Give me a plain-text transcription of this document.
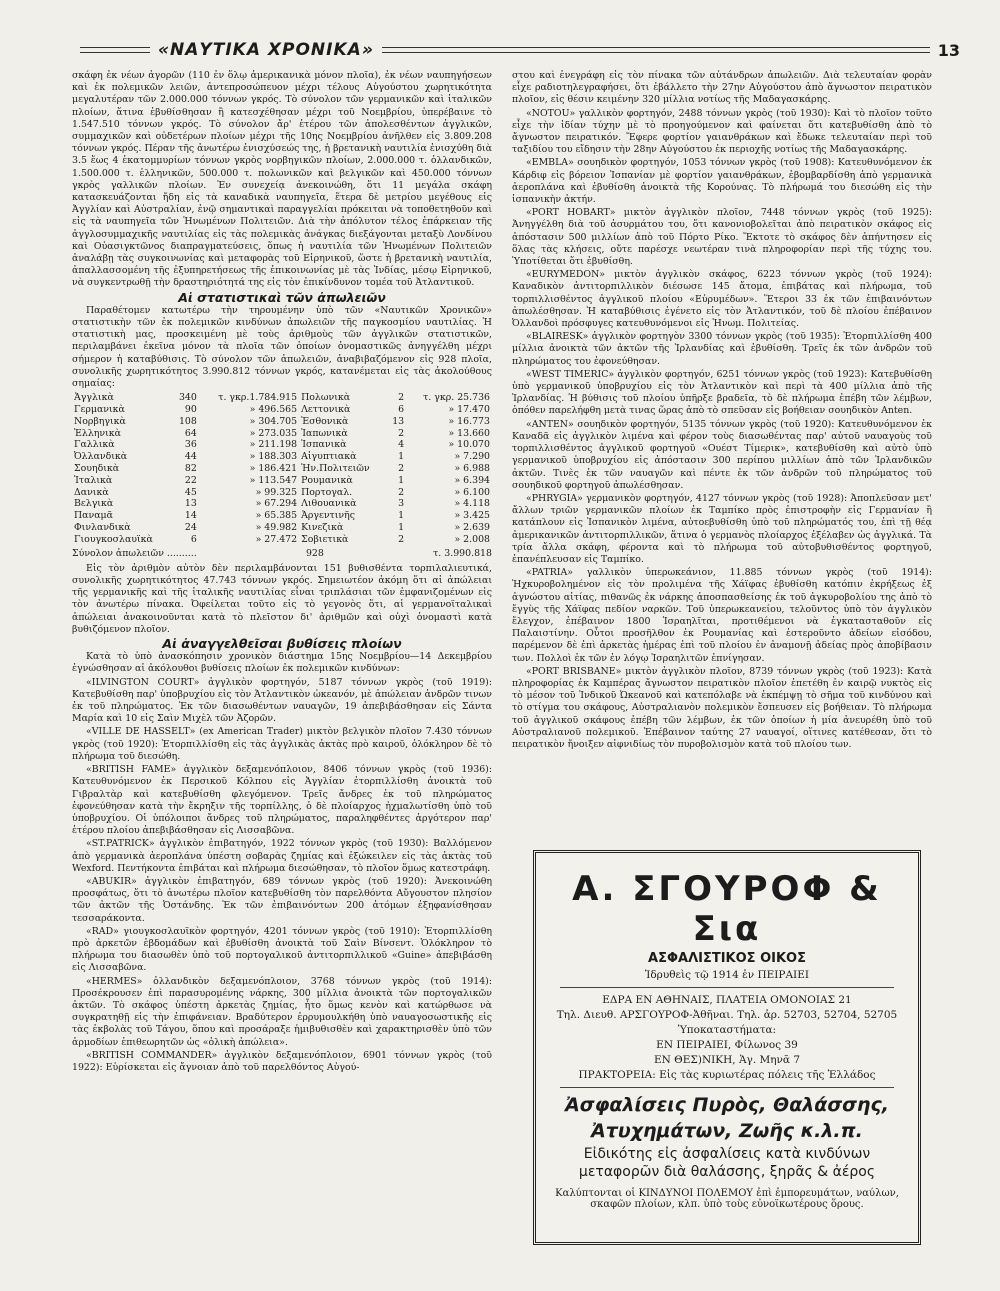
«ΝΑΥΤΙΚΑ ΧΡΟΝΙΚΑ»	13

σκάφη ἐκ νέων ἀγορῶν (110 ἐν ὅλῳ ἀμερικανικὰ μόνον πλοῖα), ἐκ νέων ναυπηγήσεων καὶ ἐκ πολεμικῶν λειῶν, ἀντεπροσώπευον μέχρι τέλους Αὐγούστου χωρητικότητα μεγαλυτέραν τῶν 2.000.000 τόννων γκρός. Τὸ σύνολον τῶν γερμανικῶν καὶ ἰταλικῶν πλοίων, ἅτινα ἐβυθίσθησαν ἢ κατεσχέθησαν μέχρι τοῦ Νοεμβρίου, ὑπερέβαινε τὸ 1.547.510 τόννων γκρός. Τὸ σύνολον ἄρ' ἑτέρου τῶν ἀπολεσθέντων ἀγγλικῶν, συμμαχικῶν καὶ οὐδετέρων πλοίων μέχρι τῆς 10ης Νοεμβρίου ἀνῆλθεν εἰς 3.809.208 τόννων γκρός. Πέραν τῆς ἀνωτέρω ἐνισχύσεώς της, ἡ βρετανικὴ ναυτιλία ἐνισχύθη διὰ 3.5 ἕως 4 ἑκατομμυρίων τόννων γκρὸς νορβηγικῶν πλοίων, 2.000.000 τ. ὀλλανδικῶν, 1.500.000 τ. ἑλληνικῶν, 500.000 τ. πολωνικῶν καὶ βελγικῶν καὶ 450.000 τόννων γκρὸς γαλλικῶν πλοίων. Ἐν συνεχείᾳ ἀνεκοινώθη, ὅτι 11 μεγάλα σκάφη κατασκευάζονται ἤδη εἰς τὰ καναδικὰ ναυπηγεῖα, ἕτερα δὲ μετρίου μεγέθους εἰς Ἀγγλίαν καὶ Αὐστραλίαν, ἐνῷ σημαντικαὶ παραγγελίαι πρόκειται νὰ τοποθετηθοῦν καὶ εἰς τὰ ναυπηγεῖα τῶν Ἡνωμένων Πολιτειῶν. Διὰ τὴν ἀπόλυτον τέλος ἐπάρκειαν τῆς ἀγγλοσυμμαχικῆς ναυτιλίας εἰς τὰς πολεμικὰς ἀνάγκας διεξάγονται μεταξὺ Λονδίνου καὶ Οὐασιγκτῶνος διαπραγματεύσεις, ὅπως ἡ ναυτιλία τῶν Ἡνωμένων Πολιτειῶν ἀναλάβῃ τὰς συγκοινωνίας καὶ μεταφορὰς τοῦ Εἰρηνικοῦ, ὥστε ἡ βρετανικὴ ναυτιλία, ἀπαλλασσομένη τῆς ἐξυπηρετήσεως τῆς ἐπικοινωνίας μὲ τὰς Ἰνδίας, μέσῳ Εἰρηνικοῦ, νὰ συγκεντρωθῇ τὴν δραστηριότητά της εἰς τὸν ἐπικίνδυνον τομέα τοῦ Ἀτλαντικοῦ.

Αἱ στατιστικαὶ τῶν ἀπωλειῶν

Παραθέτομεν κατωτέρω τὴν τηρουμένην ὑπὸ τῶν «Ναυτικῶν Χρονικῶν» στατιστικὴν τῶν ἐκ πολεμικῶν κινδύνων ἀπωλειῶν τῆς παγκοσμίου ναυτιλίας. Ἡ στατιστικὴ μας, προσκειμένη μὲ τοὺς ἀριθμοὺς τῶν ἀγγλικῶν στατιστικῶν, περιλαμβάνει ἐκεῖνα μόνον τὰ πλοῖα τῶν ὁποίων ὀνομαστικῶς ἀνηγγέλθη μέχρι σήμερον ἡ καταβύθισις. Τὸ σύνολον τῶν ἀπωλειῶν, ἀναβιβαζόμενον εἰς 928 πλοῖα, συνολικῆς χωρητικότητος 3.990.812 τόννων γκρός, κατανέμεται εἰς τὰς ἀκολούθους σημαίας:

Ἀγγλικὰ	340	τ. γκρ.1.784.915	Πολωνικὰ	2	τ. γκρ. 25.736
Γερμανικὰ	90	» 496.565	Λεττονικὰ	6	» 17.470
Νορβηγικὰ	108	» 304.705	Ἐσθονικὰ	13	» 16.773
Ἑλληνικὰ	64	» 273.035	Ἰαπωνικὰ	2	» 13.660
Γαλλικὰ	36	» 211.198	Ἰσπανικὰ	4	» 10.070
Ὀλλανδικὰ	44	» 188.303	Αἰγυπτιακὰ	1	» 7.290
Σουηδικὰ	82	» 186.421	Ἡν.Πολιτειῶν	2	» 6.988
Ἰταλικὰ	22	» 113.547	Ρουμανικὰ	1	» 6.394
Δανικὰ	45	» 99.325	Πορτογαλ.	2	» 6.100
Βελγικὰ	13	» 67.294	Λιθουανικὰ	3	» 4.118
Παναμᾶ	14	» 65.385	Ἀργεντινῆς	1	» 3.425
Φινλανδικὰ	24	» 49.982	Κινεζικὰ	1	» 2.639
Γιουγκοσλαυϊκὰ	6	» 27.472	Σοβιετικὰ	2	» 2.008
Σύνολον ἀπωλειῶν ..........	928	τ. 3.990.818

Εἰς τὸν ἀριθμὸν αὐτὸν δὲν περιλαμβάνονται 151 βυθισθέντα τορπιλαλιευτικά, συνολικῆς χωρητικότητος 47.743 τόννων γκρός. Σημειωτέον ἀκόμη ὅτι αἱ ἀπώλειαι τῆς γερμανικῆς καὶ τῆς ἰταλικῆς ναυτιλίας εἶναι τριπλάσιαι τῶν ἐμφανιζομένων εἰς τὸν ἀνωτέρω πίνακα. Ὀφείλεται τοῦτο εἰς τὸ γεγονὸς ὅτι, αἱ γερμανοϊταλικαὶ ἀπώλειαι ἀνακοινοῦνται κατὰ τὸ πλεῖστον δι' ἀριθμῶν καὶ οὐχὶ ὀνομαστὶ κατὰ βυθιζόμενον πλοῖον.

Αἱ ἀναγγελθεῖσαι βυθίσεις πλοίων

Κατὰ τὸ ὑπὸ ἀνασκόπησιν χρονικὸν διάστημα 15ης Νοεμβρίου—14 Δεκεμβρίου ἐγνώσθησαν αἱ ἀκόλουθοι βυθίσεις πλοίων ἐκ πολεμικῶν κινδύνων:

«ILVINGTON COURT» ἀγγλικὸν φορτηγόν, 5187 τόννων γκρὸς (τοῦ 1919): Κατεβυθίσθη παρ' ὑποβρυχίου εἰς τὸν Ἀτλαντικὸν ὠκεανόν, μὲ ἀπώλειαν ἀνδρῶν τινων ἐκ τοῦ πληρώματος. Ἐκ τῶν διασωθέντων ναυαγῶν, 19 ἀπεβιβάσθησαν εἰς Σάντα Μαρία καὶ 10 εἰς Σαὶν Μιχὲλ τῶν Ἀζορῶν.

«VILLE DE HASSELT» (ex American Trader) μικτὸν βελγικὸν πλοῖον 7.430 τόννων γκρὸς (τοῦ 1920): Ἐτορπιλλίσθη εἰς τὰς ἀγγλικὰς ἀκτὰς πρὸ καιροῦ, ὀλόκληρον δὲ τὸ πλήρωμα τοῦ διεσώθη.

«BRITISH FAME» ἀγγλικὸν δεξαμενόπλοιον, 8406 τόννων γκρὸς (τοῦ 1936): Κατευθυνόμενον ἐκ Περσικοῦ Κόλπου εἰς Ἀγγλίαν ἐτορπιλλίσθη ἀνοικτὰ τοῦ Γιβραλτὰρ καὶ κατεβυθίσθη φλεγόμενον. Τρεῖς ἄνδρες ἐκ τοῦ πληρώματος ἐφονεύθησαν κατὰ τὴν ἔκρηξιν τῆς τορπίλλης, ὁ δὲ πλοίαρχος ἠχμαλωτίσθη ὑπὸ τοῦ ὑποβρυχίου. Οἱ ὑπόλοιποι ἄνδρες τοῦ πληρώματος, παραληφθέντες ἀργότερον παρ' ἑτέρου πλοίου ἀπεβιβάσθησαν εἰς Λισσαβῶνα.

«ST.PATRICK» ἀγγλικὸν ἐπιβατηγόν, 1922 τόννων γκρὸς (τοῦ 1930): Βαλλόμενον ἀπὸ γερμανικὰ ἀεροπλάνα ὑπέστη σοβαρὰς ζημίας καὶ ἐξώκειλεν εἰς τὰς ἀκτὰς τοῦ Wexford. Πεντήκοντα ἐπιβάται καὶ πλήρωμα διεσώθησαν, τὸ πλοῖον ὅμως κατεστράφη.

«ABUKIR» ἀγγλικὸν ἐπιβατηγόν, 689 τόννων γκρὸς (τοῦ 1920): Ἀνεκοινώθη προσφάτως, ὅτι τὸ ἀνωτέρω πλοῖον κατεβυθίσθη τὸν παρελθόντα Αὔγουστον πλησίον τῶν ἀκτῶν τῆς Ὀστάνδης. Ἐκ τῶν ἐπιβαινόντων 200 ἀτόμων ἐξηφανίσθησαν τεσσαράκοντα.

«RAD» γιουγκοσλαυϊκὸν φορτηγόν, 4201 τόννων γκρὸς (τοῦ 1910): Ἐτορπιλλίσθη πρὸ ἀρκετῶν ἑβδομάδων καὶ ἐβυθίσθη ἀνοικτὰ τοῦ Σαὶν Βίνσεντ. Ὁλόκληρον τὸ πλήρωμα του διασωθὲν ὑπὸ τοῦ πορτογαλικοῦ ἀντιτορπιλλικοῦ «Guine» ἀπεβιβάσθη εἰς Λισσαβῶνα.

«HERMES» ὀλλανδικὸν δεξαμενόπλοιον, 3768 τόννων γκρὸς (τοῦ 1914): Προσέκρουσεν ἐπὶ παρασυρομένης νάρκης, 300 μίλλια ἀνοικτὰ τῶν πορτογαλικῶν ἀκτῶν. Τὸ σκάφος ὑπέστη ἀρκετὰς ζημίας, ἦτο ὅμως κενὸν καὶ κατώρθωσε νὰ συγκρατηθῇ εἰς τὴν ἐπιφάνειαν. Βραδύτερον ἐρρυμουλκήθη ὑπὸ ναυαγοσωστικῆς εἰς τὰς ἐκβολὰς τοῦ Τάγου, ὅπου καὶ προσάραξε ἡμιβυθισθὲν καὶ χαρακτηρισθὲν ὑπὸ τῶν ἁρμοδίων ἐπιθεωρητῶν ὡς «ὁλικὴ ἀπώλεια».

«BRITISH COMMANDER» ἀγγλικὸν δεξαμενόπλοιον, 6901 τόννων γκρὸς (τοῦ 1922): Εὑρίσκεται εἰς ἄγνοιαν ἀπὸ τοῦ παρελθόντος Αὐγού-

στου καὶ ἐνεγράφη εἰς τὸν πίνακα τῶν αὐτάνδρων ἀπωλειῶν. Διὰ τελευταίαν φορὰν εἶχε ραδιοτηλεγραφήσει, ὅτι ἐβάλλετο τὴν 27ην Αὐγούστου ἀπὸ ἄγνωστον πειρατικὸν πλοῖον, εἰς θέσιν κειμένην 320 μίλλια νοτίως τῆς Μαδαγασκάρης.

«NOTOU» γαλλικὸν φορτηγόν, 2488 τόννων γκρὸς (τοῦ 1930): Καὶ τὸ πλοῖον τοῦτο εἶχε τὴν ἰδίαν τύχην μὲ τὸ προηγούμενον καὶ φαίνεται ὅτι κατεβυθίσθη ἀπὸ τὸ ἄγνωστον πειρατικόν. Ἔφερε φορτίον γαιανθράκων καὶ ἔδωκε τελευταίαν περὶ τοῦ ταξιδίου του εἴδησιν τὴν 28ην Αὐγούστου ἐκ περιοχῆς νοτίως τῆς Μαδαγασκάρης.

«EMBLA» σουηδικὸν φορτηγόν, 1053 τόννων γκρὸς (τοῦ 1908): Κατευθυνόμενον ἐκ Κάρδιφ εἰς βόρειον Ἰσπανίαν μὲ φορτίον γαιανθράκων, ἑβομβαρδίσθη ἀπὸ γερμανικὰ ἀεροπλάνα καὶ ἐβυθίσθη ἀνοικτὰ τῆς Κορούνας. Τὸ πλήρωμά του διεσώθη εἰς τὴν ἰσπανικὴν ἀκτήν.

«PORT HOBART» μικτὸν ἀγγλικὸν πλοῖον, 7448 τόννων γκρὸς (τοῦ 1925): Ἀνηγγέλθη διὰ τοῦ ἀσυρμάτου του, ὅτι κανονιοβολεῖται ἀπὸ πειρατικὸν σκάφος εἰς ἀπόστασιν 500 μιλλίων ἀπὸ τοῦ Πόρτο Ρίκο. Ἔκτοτε τὸ σκάφος δὲν ἀπήντησεν εἰς ὅλας τὰς κλήσεις, οὔτε παρέσχε νεωτέραν τινὰ πληροφορίαν περὶ τῆς τύχης του. Ὑποτίθεται ὅτι ἐβυθίσθη.

«EURYMEDON» μικτὸν ἀγγλικὸν σκάφος, 6223 τόννων γκρὸς (τοῦ 1924): Καναδικὸν ἀντιτορπιλλικὸν διέσωσε 145 ἄτομα, ἐπιβάτας καὶ πλήρωμα, τοῦ τορπιλλισθέντος ἀγγλικοῦ πλοίου «Εὐρυμέδων». Ἕτεροι 33 ἐκ τῶν ἐπιβαινόντων ἀπωλέσθησαν. Ἡ καταβύθισις ἐγένετο εἰς τὸν Ἀτλαντικόν, τοῦ δὲ πλοίου ἐπέβαινον Ὀλλανδοὶ πρόσφυγες κατευθυνόμενοι εἰς Ἡνωμ. Πολιτείας.

«BLAIRESK» ἀγγλικὸν φορτηγὸν 3300 τόννων γκρὸς (τοῦ 1935): Ἐτορπιλλίσθη 400 μίλλια ἀνοικτὰ τῶν ἀκτῶν τῆς Ἰρλανδίας καὶ ἐβυθίσθη. Τρεῖς ἐκ τῶν ἀνδρῶν τοῦ πληρώματος του ἐφονεύθησαν.

«WEST TIMERIC» ἀγγλικὸν φορτηγόν, 6251 τόννων γκρὸς (τοῦ 1923): Κατεβυθίσθη ὑπὸ γερμανικοῦ ὑποβρυχίου εἰς τὸν Ἀτλαντικὸν καὶ περὶ τὰ 400 μίλλια ἀπὸ τῆς Ἰρλανδίας. Ἡ βύθισις τοῦ πλοίου ὑπῆρξε βραδεῖα, τὸ δὲ πλήρωμα ἐπέβη τῶν λέμβων, ὁπόθεν παρελήφθη μετὰ τινας ὥρας ἀπὸ τὸ σπεῦσαν εἰς βοήθειαν σουηδικὸν Anten.

«ANTEN» σουηδικὸν φορτηγόν, 5135 τόννων γκρὸς (τοῦ 1920): Κατευθυνόμενον ἐκ Καναδᾶ εἰς ἀγγλικὸν λιμένα καὶ φέρον τοὺς διασωθέντας παρ' αὐτοῦ ναυαγοὺς τοῦ τορπιλλισθέντος ἀγγλικοῦ φορτηγοῦ «Ουέστ Τίμερικ», κατεβυθίσθη καὶ αὐτὸ ὑπὸ γερμανικοῦ ὑποβρυχίου εἰς ἀπόστασιν 300 περίπου μιλλίων ἀπὸ τῶν Ἰρλανδικῶν ἀκτῶν. Τινὲς ἐκ τῶν ναυαγῶν καὶ πέντε ἐκ τῶν ἀνδρῶν τοῦ πληρώματος τοῦ σουηδικοῦ φορτηγοῦ ἀπωλέσθησαν.

«PHRYGIA» γερμανικὸν φορτηγόν, 4127 τόννων γκρὸς (τοῦ 1928): Ἀποπλεῦσαν μετ' ἄλλων τριῶν γερμανικῶν πλοίων ἐκ Ταμπίκο πρὸς ἐπιστροφὴν εἰς Γερμανίαν ἢ κατάπλουν εἰς Ἰσπανικὸν λιμένα, αὐτοεβυθίσθη ὑπὸ τοῦ πληρώματός του, ἐπὶ τῇ θέᾳ ἀμερικανικῶν ἀντιτορπιλλικῶν, ἅτινα ὁ γερμανὸς πλοίαρχος ἐξέλαβεν ὡς ἀγγλικά. Τὰ τρία ἄλλα σκάφη, φέροντα καὶ τὸ πλήρωμα τοῦ αὐτοβυθισθέντος φορτηγοῦ, ἐπανέπλευσαν εἰς Ταμπίκο.

«PATRIA» γαλλικὸν ὑπερωκεάνιον, 11.885 τόννων γκρὸς (τοῦ 1914): Ἠχκυροβολημένον εἰς τὸν προλιμένα τῆς Χάϊφας ἐβυθίσθη κατόπιν ἐκρήξεως ἐξ ἀγνώστου αἰτίας, πιθανῶς ἐκ νάρκης ἀποσπασθείσης ἐκ τοῦ ἀγκυροβολίου της ἀπὸ τὸ ἔγγὺς τῆς Χάϊφας πεδίον ναρκῶν. Τοῦ ὑπερωκεανείου, τελοῦντος ὑπὸ τὸν ἀγγλικὸν ἔλεγχον, ἐπέβαινον 1800 Ἰσραηλῖται, προτιθέμενοι νὰ ἐγκατασταθοῦν εἰς Παλαιστίνην. Οὗτοι προσῆλθον ἐκ Ρουμανίας καὶ ἐστεροῦντο ἀδείων εἰσόδου, παρέμενον δὲ ἐπὶ ἀρκετὰς ἡμέρας ἐπὶ τοῦ πλοίου ἐν ἀναμονῇ ἀδείας πρὸς ἀποβίβασιν των. Πολλοὶ ἐκ τῶν ἐν λόγῳ Ἰσραηλιτῶν ἐπνίγησαν.

«PORT BRISBANE» μικτὸν ἀγγλικὸν πλοῖον, 8739 τόννων γκρὸς (τοῦ 1923): Κατὰ πληροφορίας ἐκ Καμπέρας ἄγνωστον πειρατικὸν πλοῖον ἐπετέθη ἐν καιρῷ νυκτὸς εἰς τὸ μέσον τοῦ Ἰνδικοῦ Ὠκεανοῦ καὶ κατεπόλαβε νὰ ἐκπέμψῃ τὸ σῆμα τοῦ κινδύνου καὶ τὸ στίγμα του σκάφους, Αὐστραλιανὸν πολεμικὸν ἔσπευσεν εἰς βοήθειαν. Τὸ πλήρωμα τοῦ ἀγγλικοῦ σκάφους ἐπέβη τῶν λέμβων, ἐκ τῶν ὁποίων ἡ μία ἀνευρέθη ὑπὸ τοῦ Αὐστραλιανοῦ πολεμικοῦ. Ἐπέβαινον ταύτης 27 ναυαγοί, οἵτινες κατέθεσαν, ὅτι τὸ πειρατικὸν ἤνοιξεν αἰφνιδίως τὸν πυροβολισμὸν κατὰ τοῦ πλοίου των.

Α. ΣΓΟΥΡΟΦ & Σια
ΑΣΦΑΛΙΣΤΙΚΟΣ ΟΙΚΟΣ
Ἱδρυθεὶς τῷ 1914 ἐν ΠΕΙΡΑΙΕΙ
ΕΔΡΑ ΕΝ ΑΘΗΝΑΙΣ, ΠΛΑΤΕΙΑ ΟΜΟΝΟΙΑΣ 21
Τηλ. Διευθ. ΑΡΣΓΟΥΡΟΦ-Ἀθῆναι. Τηλ. ἀρ. 52703, 52704, 52705
Ὑποκαταστήματα:
ΕΝ ΠΕΙΡΑΙΕΙ, Φίλωνος 39
ΕΝ ΘΕΣ)ΝΙΚΗ, Ἁγ. Μηνᾶ 7
ΠΡΑΚΤΟΡΕΙΑ: Εἰς τὰς κυριωτέρας πόλεις τῆς Ἑλλάδος
Ἀσφαλίσεις Πυρὸς, Θαλάσσης,
Ἀτυχημάτων, Ζωῆς κ.λ.π.
Εἰδικότης εἰς ἀσφαλίσεις κατὰ κινδύνων
μεταφορῶν διὰ θαλάσσης, ξηρᾶς & ἀέρος
Καλύπτονται οἱ ΚΙΝΔΥΝΟΙ ΠΟΛΕΜΟΥ ἐπὶ ἐμπορευμάτων, ναύλων, σκαφῶν πλοίων, κλπ. ὑπὸ τοὺς εὐνοϊκωτέρους ὅρους.
